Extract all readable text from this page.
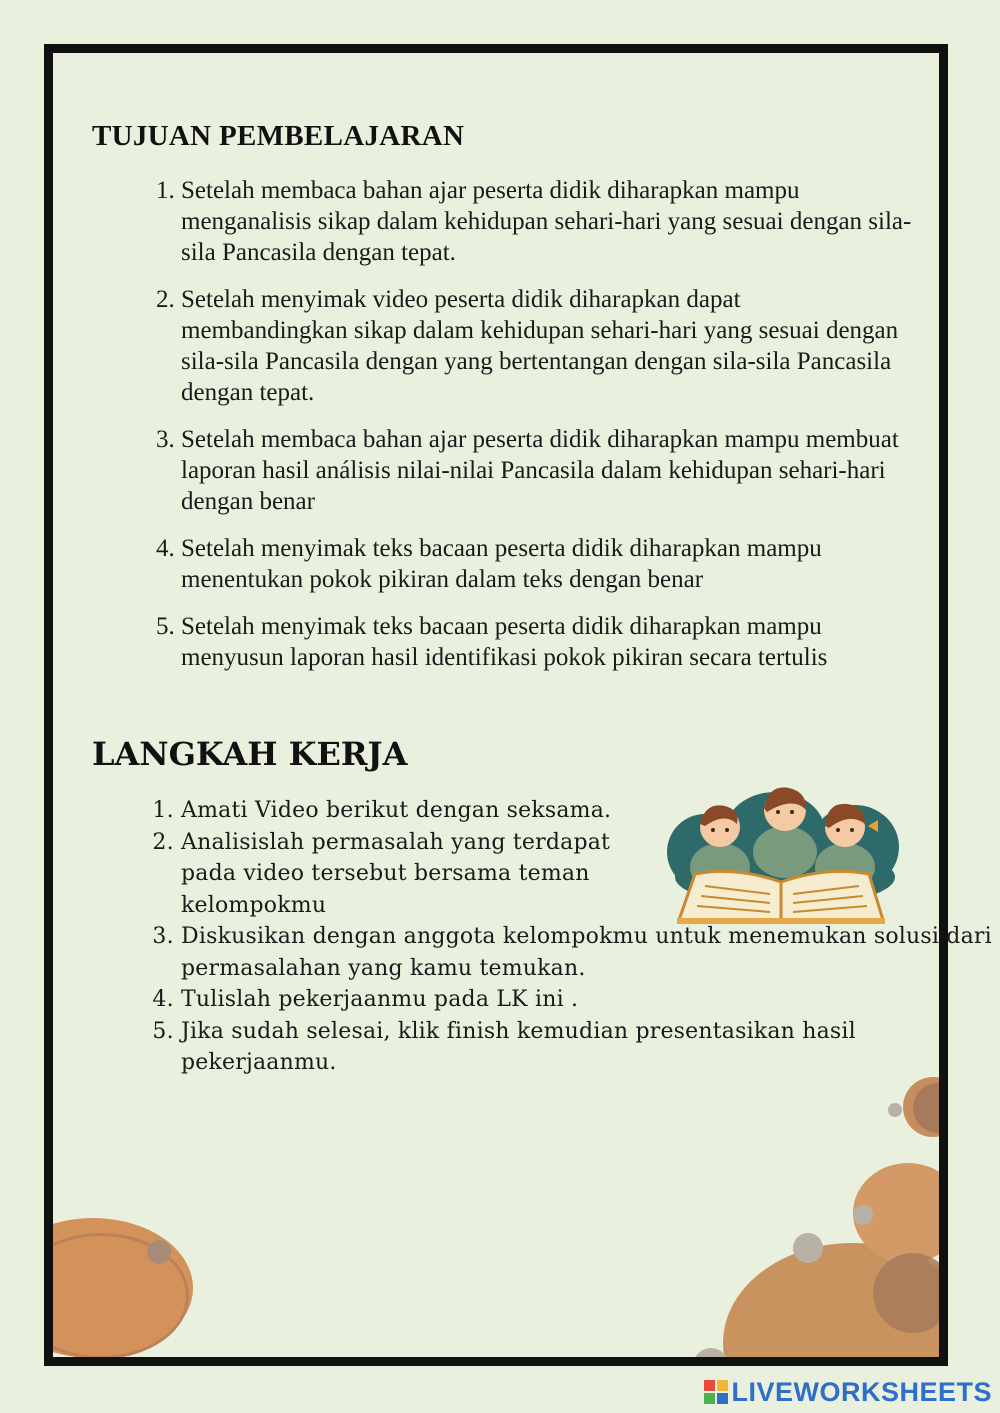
TUJUAN PEMBELAJARAN
1. Setelah membaca bahan ajar peserta didik diharapkan mampu menganalisis sikap dalam kehidupan sehari-hari yang sesuai dengan sila-sila Pancasila dengan tepat.
2. Setelah menyimak video peserta didik diharapkan dapat membandingkan sikap dalam kehidupan sehari-hari yang sesuai dengan sila-sila Pancasila dengan yang bertentangan dengan sila-sila Pancasila dengan tepat.
3. Setelah membaca bahan ajar peserta didik diharapkan mampu membuat laporan hasil análisis nilai-nilai Pancasila dalam kehidupan sehari-hari dengan benar
4. Setelah menyimak teks bacaan peserta didik diharapkan mampu menentukan pokok pikiran dalam teks dengan benar
5. Setelah menyimak teks bacaan peserta didik diharapkan mampu menyusun laporan hasil identifikasi pokok pikiran secara tertulis
LANGKAH KERJA
1. Amati Video berikut dengan seksama.
2. Analisislah permasalah yang terdapat pada video tersebut bersama teman kelompokmu
3. Diskusikan dengan anggota kelompokmu untuk menemukan solusi dari permasalahan yang kamu temukan.
4. Tulislah pekerjaanmu pada LK ini .
5. Jika sudah selesai, klik finish kemudian presentasikan hasil pekerjaanmu.
LIVEWORKSHEETS
